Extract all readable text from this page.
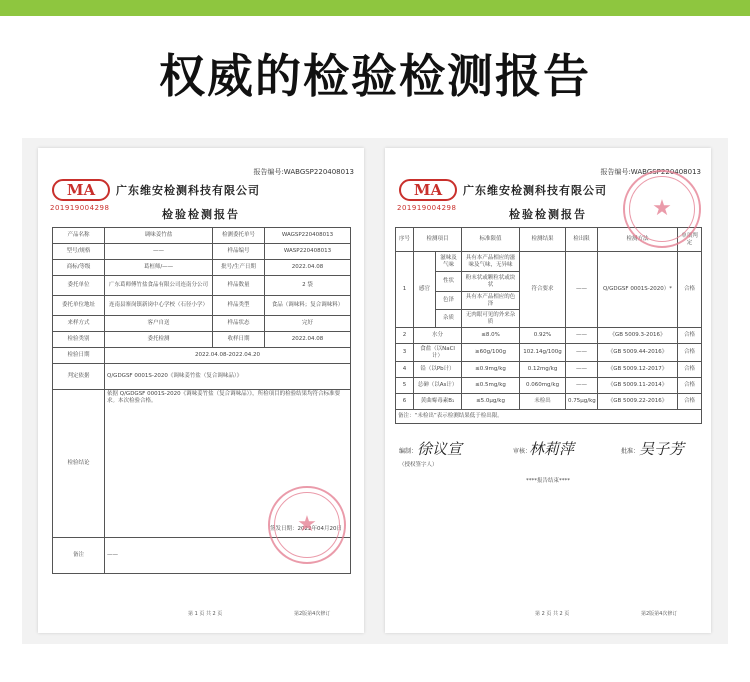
权威的检验检测报告
报告编号:WABGSP220408013
MA
201919004298
广东维安检测科技有限公司
检验检测报告
产品名称	调味姜竹盐	检测委托单号	WAGSP220408013
型号/规格	——	样品编号	WASP220408013
商标/等级	葛桓师/——	批号/生产日期	2022.04.08
委托单位	广东葛师傅竹盐食品有限公司连南分公司	样品数量	2 袋
委托单位地址	连南县寨岗镇新岗中心学校（石径小学）	样品类型	食品（调味料；复合调味料）
来样方式	客户自送	样品状态	完好
检验类别	委托检测	收样日期	2022.04.08
检验日期	2022.04.08-2022.04.20		
判定依据	Q/GDGSF 0001S-2020《调味姜竹盐（复合调味品）》		
检验结论	依据 Q/GDGSF 0001S-2020《调味姜竹盐（复合调味品）》，所检项目的检验结果均符合标准要求。本次检验合格。
签发日期：2022年04月20日		

备注	——		
★
第 1 页 共 2 页	第2版第4次修订
报告编号:WABGSP220408013
MA
201919004298
广东维安检测科技有限公司
检验检测报告
序号	检测项目		标准限值	检测结果	检出限	检测方法	单项判定
1	感官	滋味及气味	具有本产品相应的滋味及气味，无异味	符合要求	——	Q/GDGSF 0001S-2020）*	合格
		性状	粉末状或颗粒状或块状				
		色泽	具有本产品相应的色泽				
		杂质	无肉眼可见的外来杂质				
2	水分		≤8.0%	0.92%	——	《GB 5009.3-2016》	合格
3	食盐（以NaCl计）		≥60g/100g	102.14g/100g	——	《GB 5009.44-2016》	合格
4	铅（以Pb计）		≤0.9mg/kg	0.12mg/kg	——	《GB 5009.12-2017》	合格
5	总砷（以As计）		≤0.5mg/kg	0.060mg/kg	——	《GB 5009.11-2014》	合格
6	黄曲霉毒素B₁		≤5.0μg/kg	未检出	0.75μg/kg	《GB 5009.22-2016》	合格
备注：“未检出”表示检测结果低于检出限。							
★
编制： 徐议宣	审核：
林莉萍	批准： 吴子芳
（授权签字人）
****报告结束****
第 2 页 共 2 页	第2版第4次修订
